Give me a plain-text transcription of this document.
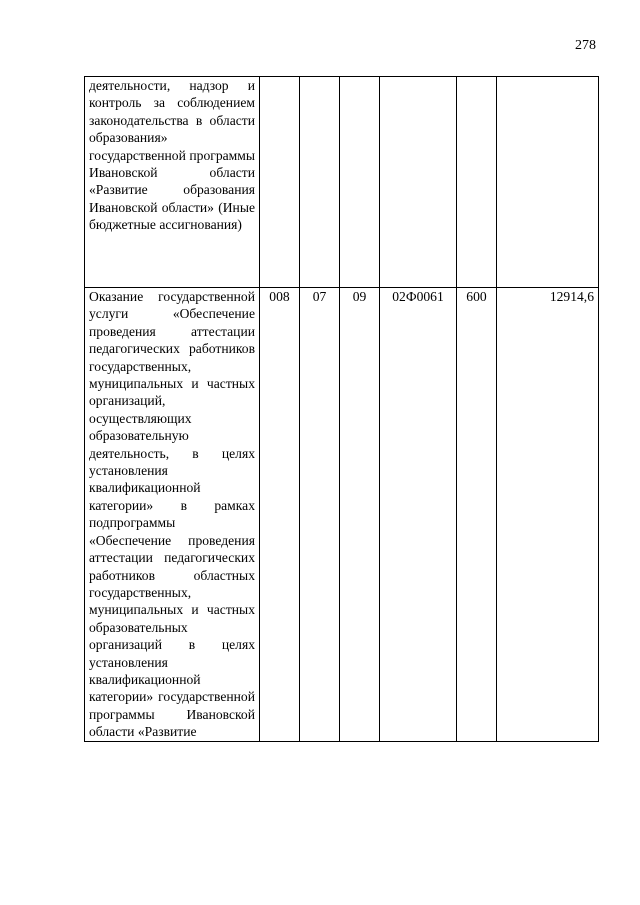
278
деятельности, надзор и контроль за соблюдением законодательства в области образования» государственной программы Ивановской области «Развитие образования Ивановской области» (Иные бюджетные ассигнования)						
Оказание государственной услуги «Обеспечение проведения аттестации педагогических работников государственных, муниципальных и частных организаций, осуществляющих образовательную деятельность, в целях установления квалификационной категории» в рамках подпрограммы «Обеспечение проведения аттестации педагогических работников областных государственных, муниципальных и частных образовательных организаций в целях установления квалификационной категории» государственной программы Ивановской области «Развитие	008	07	09	02Ф0061	600	12914,6
